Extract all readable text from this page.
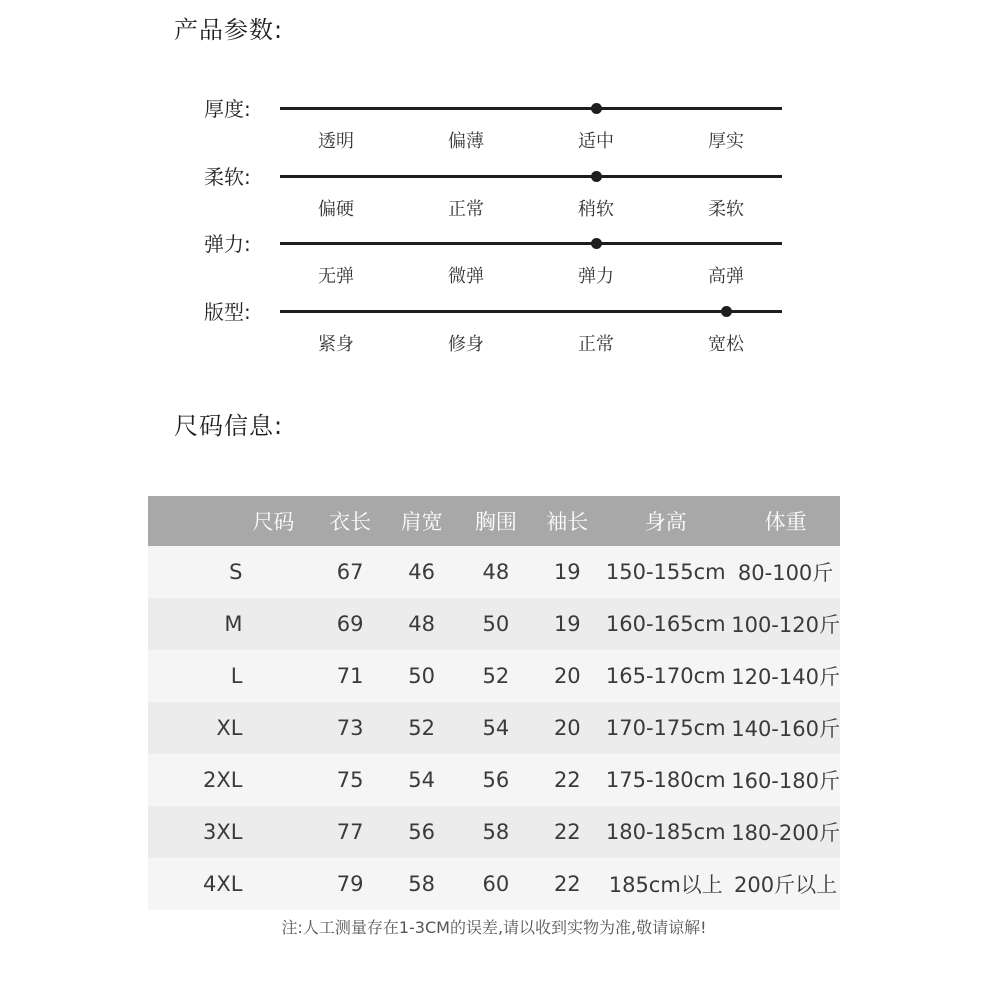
产品参数:
厚度:
透明	偏薄	适中	厚实
柔软:
偏硬	正常	稍软	柔软
弹力:
无弹	微弹	弹力	高弹
版型:
紧身	修身	正常	宽松
尺码信息:
尺码	衣长	肩宽	胸围	袖长	身高	体重
S	67	46	48	19	150-155cm	80-100斤
M	69	48	50	19	160-165cm	100-120斤
L	71	50	52	20	165-170cm	120-140斤
XL	73	52	54	20	170-175cm	140-160斤
2XL	75	54	56	22	175-180cm	160-180斤
3XL	77	56	58	22	180-185cm	180-200斤
4XL	79	58	60	22	185cm以上	200斤以上
注:人工测量存在1-3CM的误差,请以收到实物为准,敬请谅解!
